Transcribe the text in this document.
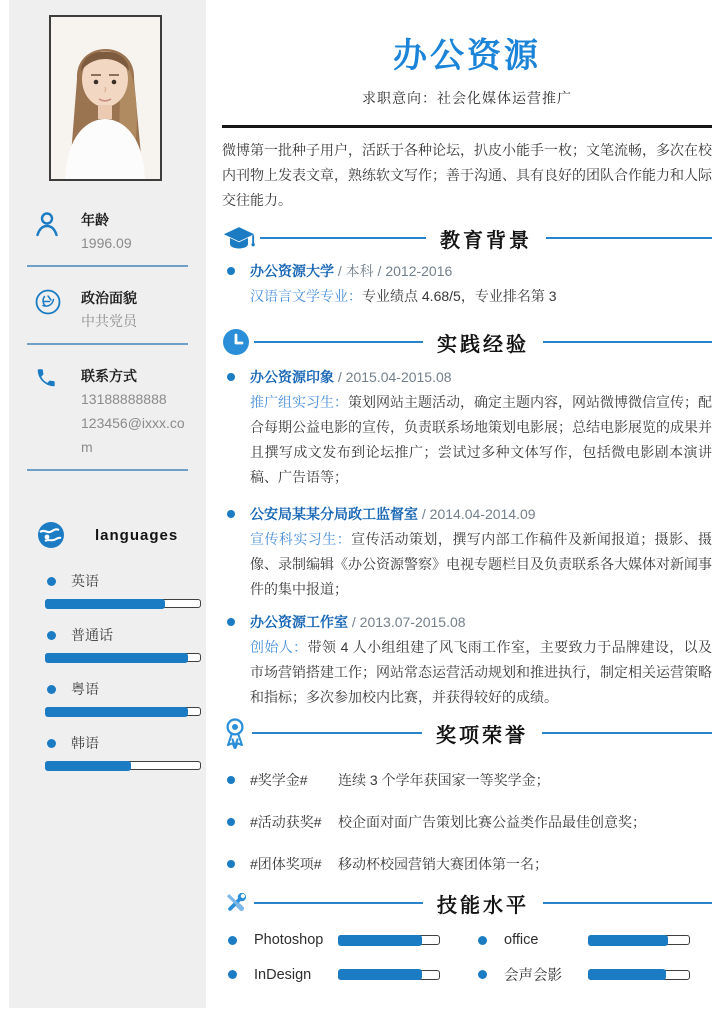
年龄
1996.09
政治面貌
中共党员
联系方式
13188888888
123456@ixxx.com
languages
英语
普通话
粤语
韩语
办公资源
求职意向：社会化媒体运营推广

微博第一批种子用户，活跃于各种论坛，扒皮小能手一枚；文笔流畅，多次在校内刊物上发表文章，熟练软文写作；善于沟通、具有良好的团队合作能力和人际交往能力。

教育背景
办公资源大学 / 本科 / 2012-2016
汉语言文学专业：专业绩点 4.68/5，专业排名第 3
实践经验
办公资源印象 / 2015.04-2015.08
推广组实习生：策划网站主题活动，确定主题内容，网站微博微信宣传；配合每期公益电影的宣传，负责联系场地策划电影展；总结电影展览的成果并且撰写成文发布到论坛推广；尝试过多种文体写作，包括微电影剧本演讲稿、广告语等；
公安局某某分局政工监督室 / 2014.04-2014.09
宣传科实习生：宣传活动策划，撰写内部工作稿件及新闻报道；摄影、摄像、录制编辑《办公资源警察》电视专题栏目及负责联系各大媒体对新闻事件的集中报道；
办公资源工作室 / 2013.07-2015.08
创始人：带领 4 人小组组建了风飞雨工作室，主要致力于品牌建设，以及市场营销搭建工作；网站常态运营活动规划和推进执行，制定相关运营策略和指标；多次参加校内比赛，并获得较好的成绩。
奖项荣誉
#奖学金#	连续 3 个学年获国家一等奖学金；
#活动获奖#	校企面对面广告策划比赛公益类作品最佳创意奖；
#团体奖项#	移动杯校园营销大赛团体第一名；
技能水平
Photoshop	office
InDesign	会声会影
